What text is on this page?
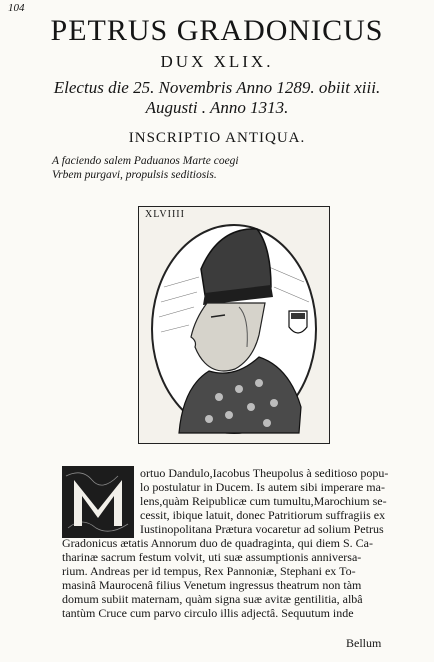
104
PETRUS GRADONICUS
DUX XLIX.
Electus die 25. Novembris Anno 1289. obiit xiii.
Augusti . Anno 1313.
INSCRIPTIO ANTIQUA.
A faciendo salem Paduanos Marte coegi
Vrbem purgavi, propulsis seditiosis.
XLVIIII
ortuo Dandulo,Iacobus Theupolus à seditioso popu-
lo postulatur in Ducem. Is autem sibi imperare ma-
lens,quàm Reipublicæ cum tumultu,Marochium se-
cessit, ibique latuit, donec Patritiorum suffragiis ex
Iustinopolitana Prætura vocaretur ad solium Petrus
Gradonicus ætatis Annorum duo de quadraginta, qui diem S. Ca-
tharinæ sacrum festum volvit, uti suæ assumptionis anniversa-
rium. Andreas per id tempus, Rex Pannoniæ, Stephani ex To-
masinâ Maurocenâ filius Venetum ingressus theatrum non tàm
domum subiit maternam, quàm signa suæ avitæ gentilitia, albâ
tantùm Cruce cum parvo circulo illis adjectâ. Sequutum inde
Bellum
